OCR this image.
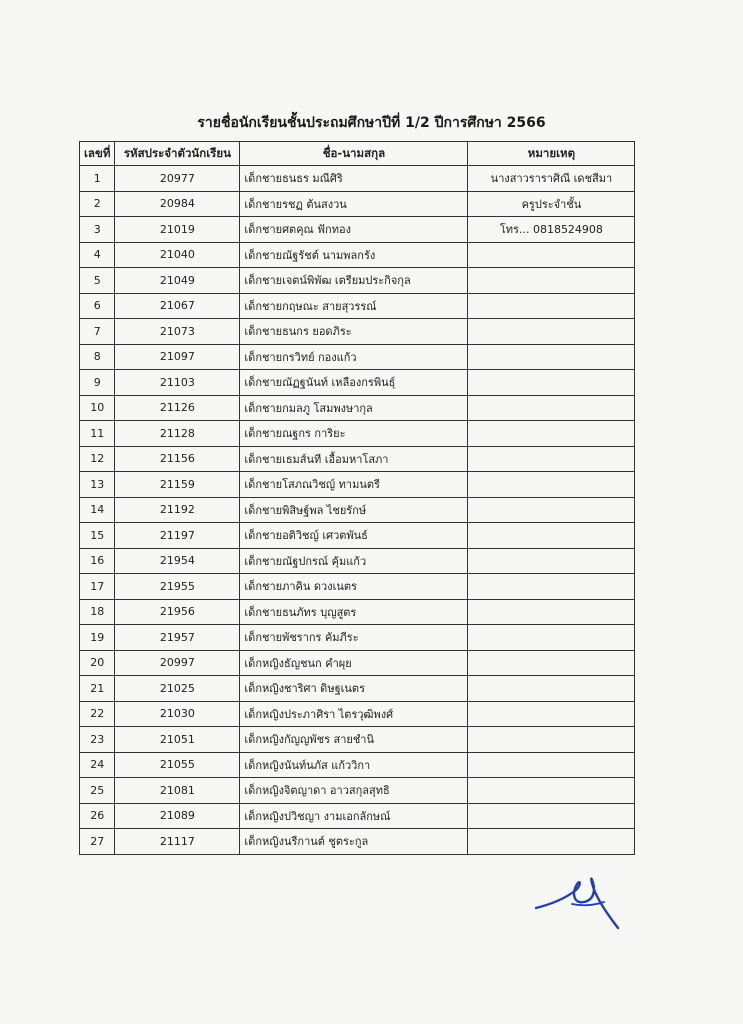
รายชื่อนักเรียนชั้นประถมศึกษาปีที่ 1/2 ปีการศึกษา 2566
เลขที่	รหัสประจำตัวนักเรียน	ชื่อ-นามสกุล	หมายเหตุ
1	20977	เด็กชายธนธร มณีศิริ	นางสาวราราศิณี เดชสีมา
2	20984	เด็กชายรชฏ ต้นสงวน	ครูประจำชั้น
3	21019	เด็กชายศตคุณ ฟักทอง	โทร... 0818524908
4	21040	เด็กชายณัฐรัชต์ นามพลกรัง	
5	21049	เด็กชายเจตน์พิพัฒ เตรียมประกิจกุล	
6	21067	เด็กชายกฤษณะ สายสุวรรณ์	
7	21073	เด็กชายธนกร ยอดภิระ	
8	21097	เด็กชายกรวิทย์ กองแก้ว	
9	21103	เด็กชายณัฏฐนันท์ เหลืองกรพินธุ์	
10	21126	เด็กชายกมลภู โสมพงษากุล	
11	21128	เด็กชายณฐกร การิยะ	
12	21156	เด็กชายเธมส์นที เอื้อมหาโสภา	
13	21159	เด็กชายโสภณวิชญ์ ทามนตรี	
14	21192	เด็กชายพิสิษฐ์พล ไชยรักษ์	
15	21197	เด็กชายอติวิชญ์ เศวตพันธ์	
16	21954	เด็กชายณัฐปกรณ์ คุ้มแก้ว	
17	21955	เด็กชายภาคิน ดวงเนตร	
18	21956	เด็กชายธนภัทร บุญสูตร	
19	21957	เด็กชายพัชรากร คัมภีระ	
20	20997	เด็กหญิงธัญชนก คำผุย	
21	21025	เด็กหญิงชาริศา ดิษฐเนตร	
22	21030	เด็กหญิงประภาศิรา ไตรวุฒิพงศ์	
23	21051	เด็กหญิงกัญญพัชร สายชำนิ	
24	21055	เด็กหญิงนันท์นภัส แก้ววิกา	
25	21081	เด็กหญิงจิตญาดา อาวสกุลสุทธิ	
26	21089	เด็กหญิงปวิชญา งามเอกลักษณ์	
27	21117	เด็กหญิงนรีกานต์ ชูตระกูล	
